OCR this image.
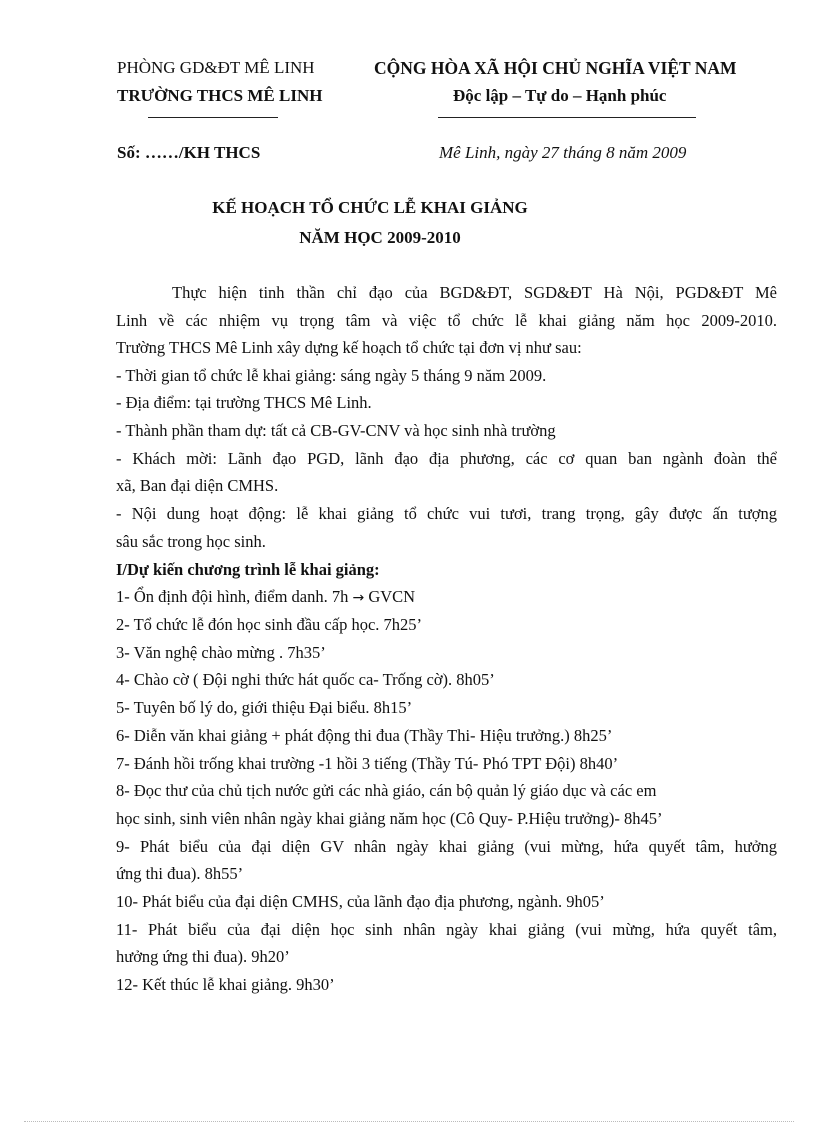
PHÒNG GD&ĐT MÊ LINH
TRƯỜNG THCS MÊ LINH
CỘNG HÒA XÃ HỘI CHỦ NGHĨA VIỆT NAM
Độc lập – Tự do – Hạnh phúc
Số: ……/KH THCS	Mê Linh, ngày 27 tháng 8 năm 2009
KẾ HOẠCH TỔ CHỨC LỄ KHAI GIẢNG
NĂM HỌC 2009-2010
Thực hiện tinh thần chỉ đạo của BGD&ĐT, SGD&ĐT Hà Nội, PGD&ĐT Mê
Linh về các nhiệm vụ trọng tâm và việc tổ chức lễ khai giảng năm học 2009-2010.
Trường THCS Mê Linh xây dựng kế hoạch tổ chức tại đơn vị như sau:
- Thời gian tổ chức lễ khai giảng: sáng ngày 5 tháng 9 năm 2009.
- Địa điểm: tại trường THCS Mê Linh.
- Thành phần tham dự: tất cả CB-GV-CNV và học sinh nhà trường
- Khách mời: Lãnh đạo PGD, lãnh đạo địa phương, các cơ quan ban ngành đoàn thể
xã, Ban đại diện CMHS.
- Nội dung hoạt động: lễ khai giảng tổ chức vui tươi, trang trọng, gây được ấn tượng
sâu sắc trong học sinh.
I/Dự kiến chương trình lễ khai giảng:
1- Ổn định đội hình, điểm danh. 7h → GVCN
2- Tổ chức lễ đón học sinh đầu cấp học. 7h25’
3- Văn nghệ chào mừng . 7h35’
4- Chào cờ ( Đội nghi thức hát quốc ca- Trống cờ). 8h05’
5- Tuyên bố lý do, giới thiệu Đại biểu. 8h15’
6- Diễn văn khai giảng + phát động thi đua (Thầy Thi- Hiệu trưởng.) 8h25’
7- Đánh hồi trống khai trường -1 hồi 3 tiếng (Thầy Tú- Phó TPT Đội) 8h40’
8- Đọc thư của chủ tịch nước gửi các nhà giáo, cán bộ quản lý giáo dục và các em
học sinh, sinh viên nhân ngày khai giảng năm học (Cô Quy- P.Hiệu trưởng)- 8h45’
9- Phát biểu của đại diện GV nhân ngày khai giảng (vui mừng, hứa quyết tâm, hưởng
ứng thi đua). 8h55’
10- Phát biểu của đại diện CMHS, của lãnh đạo địa phương, ngành. 9h05’
11- Phát biểu của đại diện học sinh nhân ngày khai giảng (vui mừng, hứa quyết tâm,
hưởng ứng thi đua). 9h20’
12- Kết thúc lễ khai giảng. 9h30’
